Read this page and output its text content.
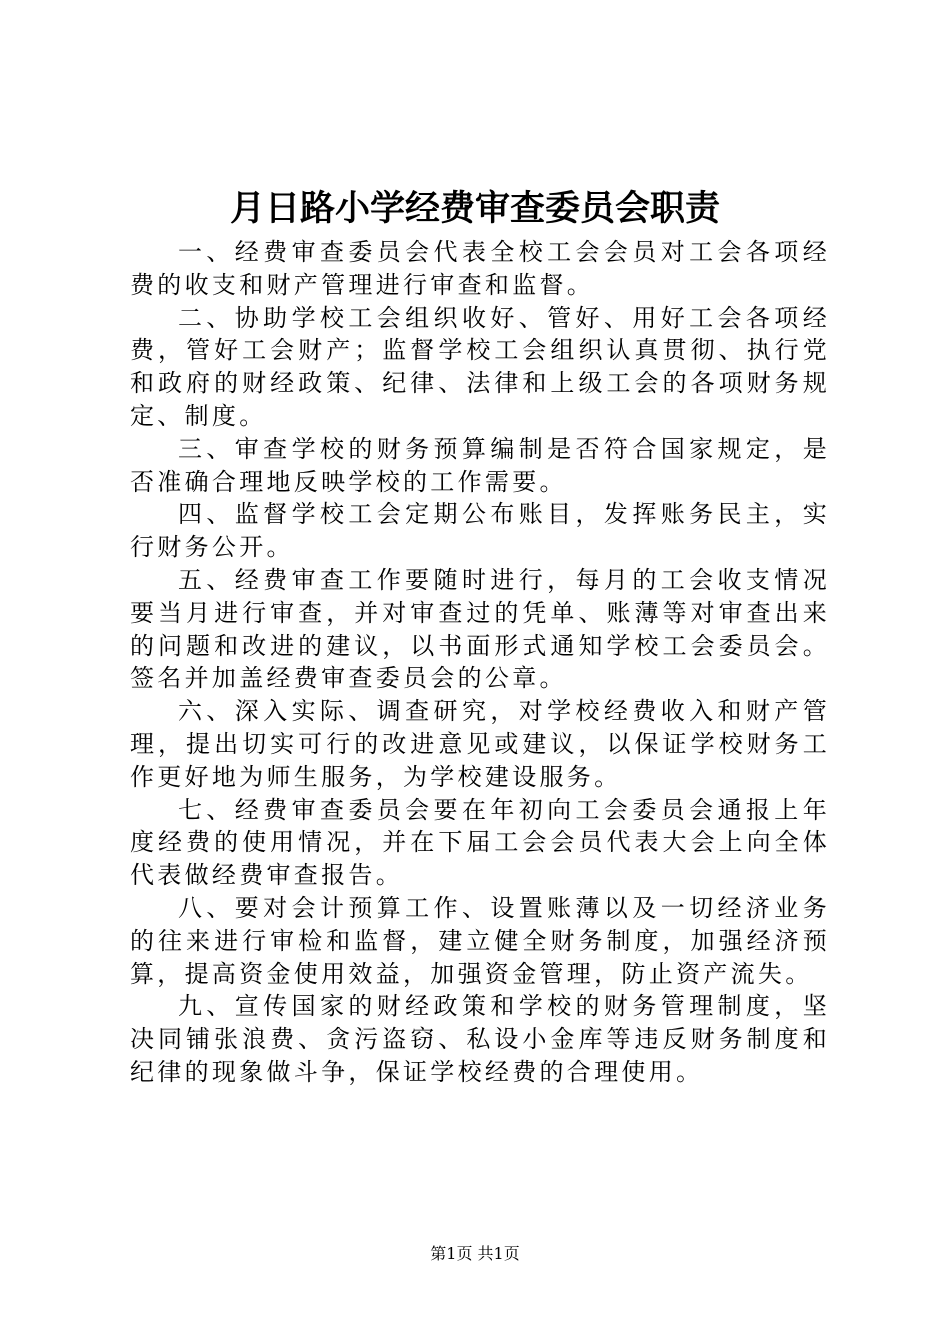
月日路小学经费审查委员会职责

一、经费审查委员会代表全校工会会员对工会各项经费的收支和财产管理进行审查和监督。

二、协助学校工会组织收好、管好、用好工会各项经费，管好工会财产；监督学校工会组织认真贯彻、执行党和政府的财经政策、纪律、法律和上级工会的各项财务规定、制度。

三、审查学校的财务预算编制是否符合国家规定，是否准确合理地反映学校的工作需要。

四、监督学校工会定期公布账目，发挥账务民主，实行财务公开。

五、经费审查工作要随时进行，每月的工会收支情况要当月进行审查，并对审查过的凭单、账薄等对审查出来的问题和改进的建议，以书面形式通知学校工会委员会。签名并加盖经费审查委员会的公章。

六、深入实际、调查研究，对学校经费收入和财产管理，提出切实可行的改进意见或建议，以保证学校财务工作更好地为师生服务，为学校建设服务。

七、经费审查委员会要在年初向工会委员会通报上年度经费的使用情况，并在下届工会会员代表大会上向全体代表做经费审查报告。

八、要对会计预算工作、设置账薄以及一切经济业务的往来进行审检和监督，建立健全财务制度，加强经济预算，提高资金使用效益，加强资金管理，防止资产流失。

九、宣传国家的财经政策和学校的财务管理制度，坚决同铺张浪费、贪污盗窃、私设小金库等违反财务制度和纪律的现象做斗争，保证学校经费的合理使用。

第1页 共1页
